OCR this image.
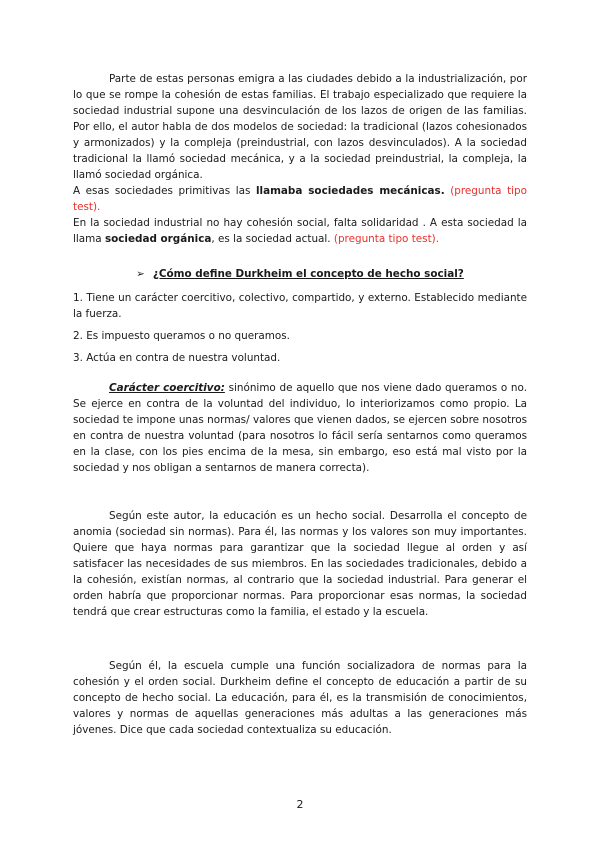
Parte de estas personas emigra a las ciudades debido a la industrialización, por lo que se rompe la cohesión de estas familias. El trabajo especializado que requiere la sociedad industrial supone una desvinculación de los lazos de origen de las familias. Por ello, el autor habla de dos modelos de sociedad: la tradicional (lazos cohesionados y armonizados) y la compleja (preindustrial, con lazos desvinculados). A la sociedad tradicional la llamó sociedad mecánica, y a la sociedad preindustrial, la compleja, la llamó sociedad orgánica.

A esas sociedades primitivas las llamaba sociedades mecánicas. (pregunta tipo test).

En la sociedad industrial no hay cohesión social, falta solidaridad . A esta sociedad la llama sociedad orgánica, es la sociedad actual. (pregunta tipo test).

➢ ¿Cómo define Durkheim el concepto de hecho social?

1. Tiene un carácter coercitivo, colectivo, compartido, y externo. Establecido mediante la fuerza.

2. Es impuesto queramos o no queramos.

3. Actúa en contra de nuestra voluntad.

Carácter coercitivo: sinónimo de aquello que nos viene dado queramos o no. Se ejerce en contra de la voluntad del individuo, lo interiorizamos como propio. La sociedad te impone unas normas/ valores que vienen dados, se ejercen sobre nosotros en contra de nuestra voluntad (para nosotros lo fácil sería sentarnos como queramos en la clase, con los pies encima de la mesa, sin embargo, eso está mal visto por la sociedad y nos obligan a sentarnos de manera correcta).

Según este autor, la educación es un hecho social. Desarrolla el concepto de anomia (sociedad sin normas). Para él, las normas y los valores son muy importantes. Quiere que haya normas para garantizar que la sociedad llegue al orden y así satisfacer las necesidades de sus miembros. En las sociedades tradicionales, debido a la cohesión, existían normas, al contrario que la sociedad industrial. Para generar el orden habría que proporcionar normas. Para proporcionar esas normas, la sociedad tendrá que crear estructuras como la familia, el estado y la escuela.

Según él, la escuela cumple una función socializadora de normas para la cohesión y el orden social. Durkheim define el concepto de educación a partir de su concepto de hecho social. La educación, para él, es la transmisión de conocimientos, valores y normas de aquellas generaciones más adultas a las generaciones más jóvenes. Dice que cada sociedad contextualiza su educación.

2
